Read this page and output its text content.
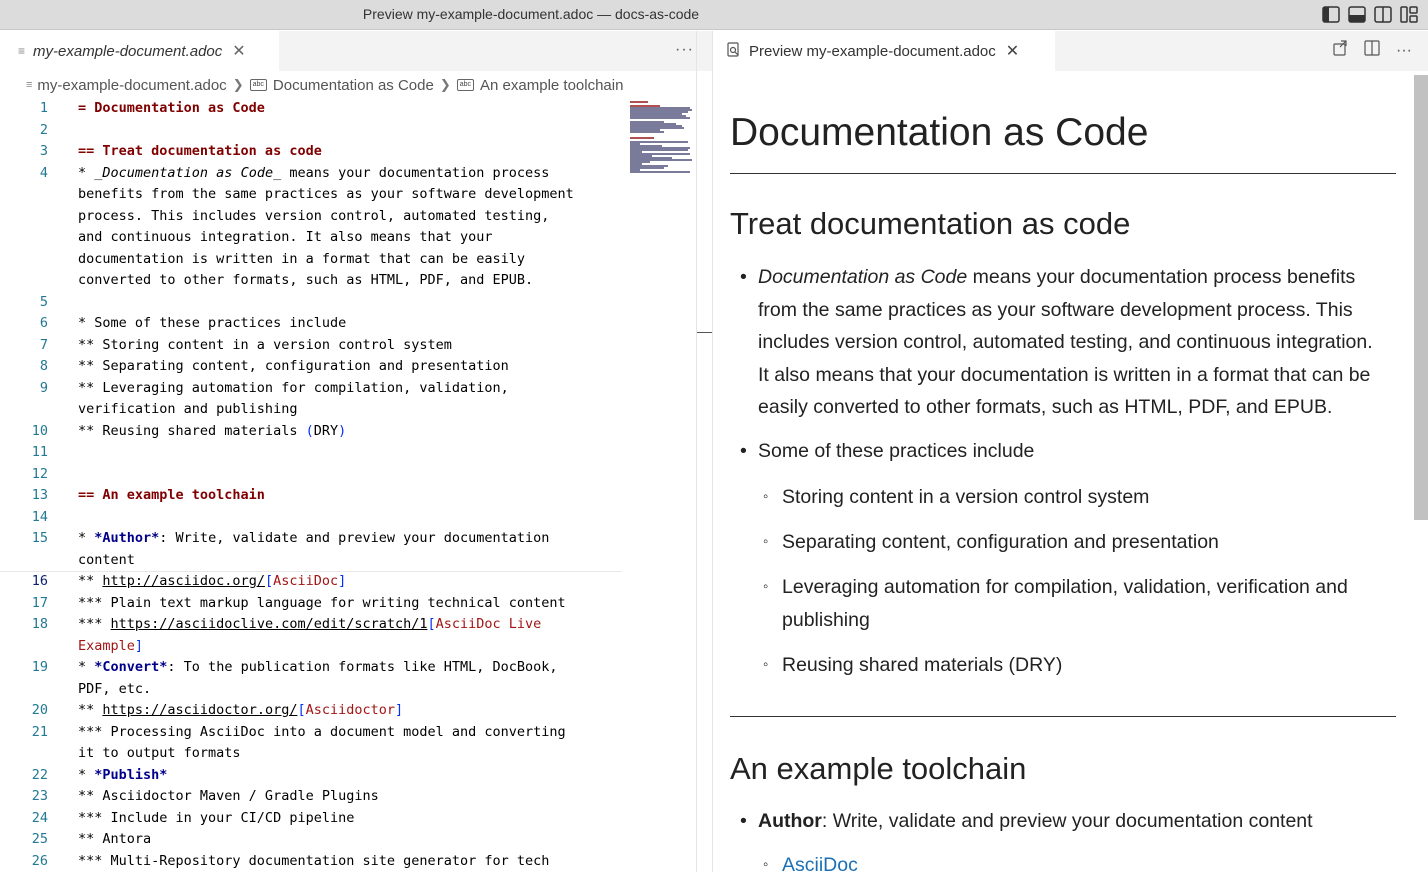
Preview my-example-document.adoc — docs-as-code
≡ my-example-document.adoc ✕	···
≡ my-example-document.adoc ❯	abc Documentation as Code ❯	abc An example toolchain
1 = Documentation as Code
2
3 == Treat documentation as code
4 * _Documentation as Code_ means your documentation process
benefits from the same practices as your software development
process. This includes version control, automated testing,
and continuous integration. It also means that your
documentation is written in a format that can be easily
converted to other formats, such as HTML, PDF, and EPUB.
5
6 * Some of these practices include
7 ** Storing content in a version control system
8 ** Separating content, configuration and presentation
9 ** Leveraging automation for compilation, validation,
verification and publishing
10 ** Reusing shared materials (DRY)
11
12
13 == An example toolchain
14
15 * *Author*: Write, validate and preview your documentation
content
16 ** http://asciidoc.org/[AsciiDoc]
17 *** Plain text markup language for writing technical content
18 *** https://asciidoclive.com/edit/scratch/1[AsciiDoc Live
Example]
19 * *Convert*: To the publication formats like HTML, DocBook,
PDF, etc.
20 ** https://asciidoctor.org/[Asciidoctor]
21 *** Processing AsciiDoc into a document model and converting
it to output formats
22 * *Publish*
23 ** Asciidoctor Maven / Gradle Plugins
24 *** Include in your CI/CD pipeline
25 ** Antora
26 *** Multi-Repository documentation site generator for tech
Preview my-example-document.adoc ✕	···
Documentation as Code
Treat documentation as code
• Documentation as Code means your documentation process benefits
from the same practices as your software development process. This
includes version control, automated testing, and continuous integration.
It also means that your documentation is written in a format that can be
easily converted to other formats, such as HTML, PDF, and EPUB.
• Some of these practices include
◦ Storing content in a version control system
◦ Separating content, configuration and presentation
◦ Leveraging automation for compilation, validation, verification and
publishing
◦ Reusing shared materials (DRY)
An example toolchain
• Author: Write, validate and preview your documentation content
◦ AsciiDoc
